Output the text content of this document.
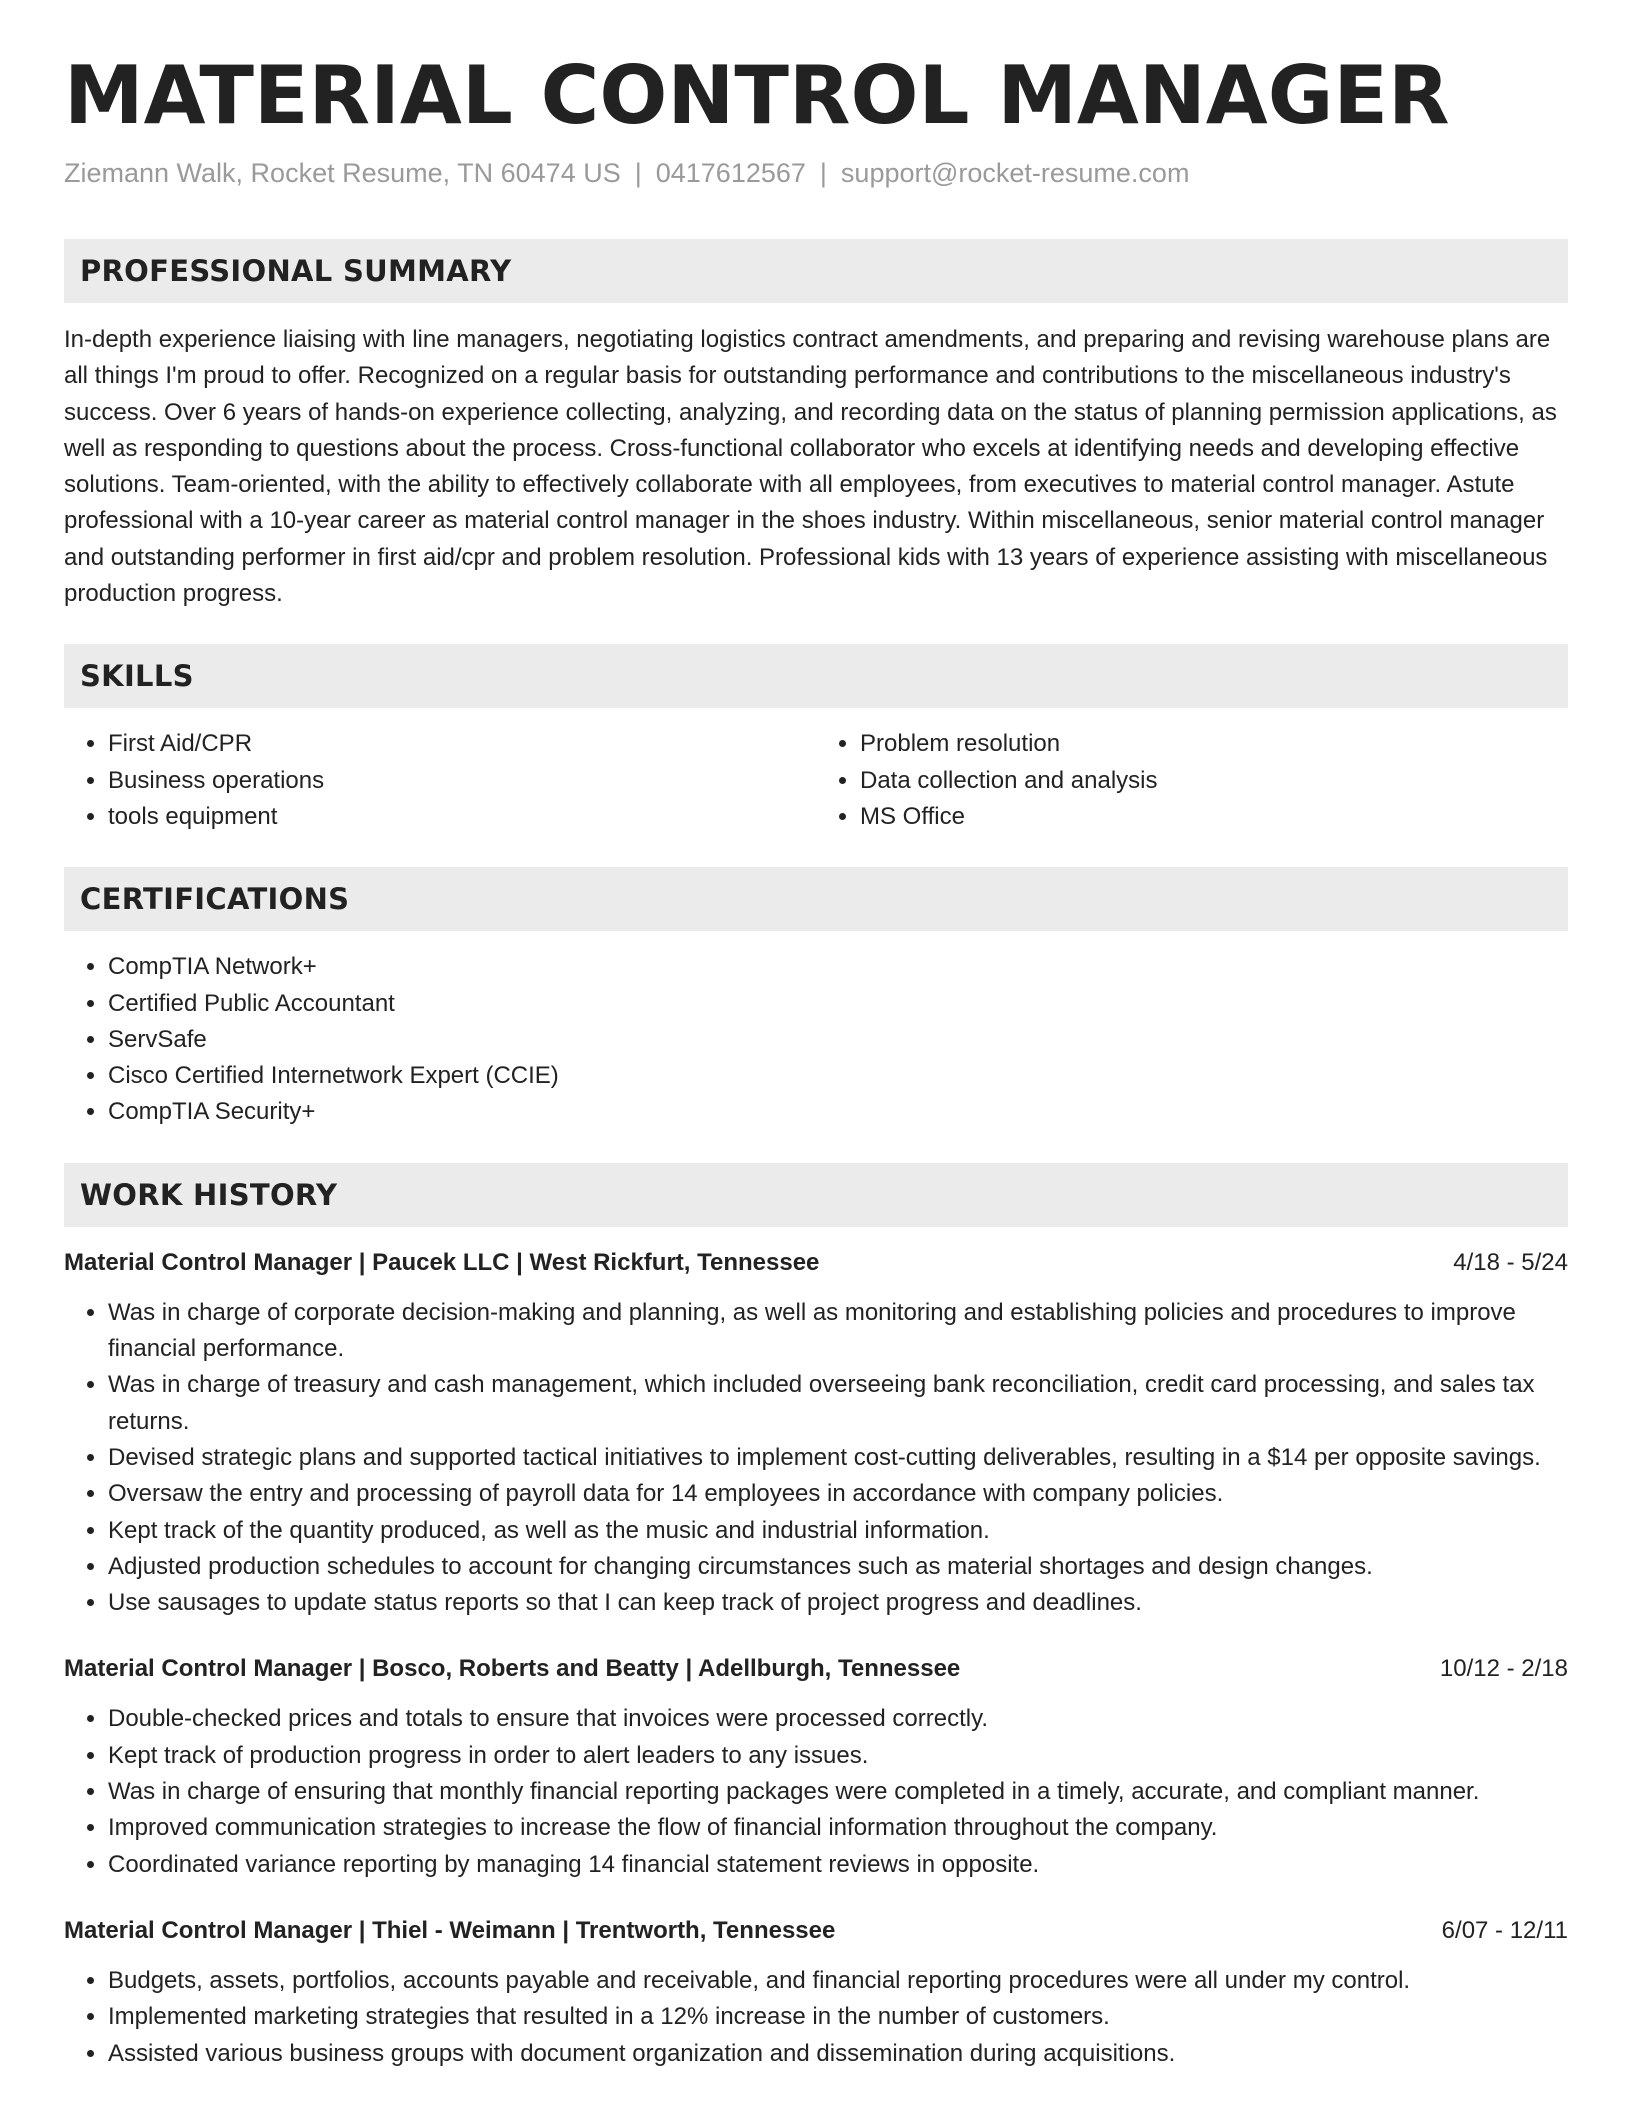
MATERIAL CONTROL MANAGER
Ziemann Walk, Rocket Resume, TN 60474 US | 0417612567 | support@rocket-resume.com
PROFESSIONAL SUMMARY

In-depth experience liaising with line managers, negotiating logistics contract amendments, and preparing and revising warehouse plans are all things I'm proud to offer. Recognized on a regular basis for outstanding performance and contributions to the miscellaneous industry's success. Over 6 years of hands-on experience collecting, analyzing, and recording data on the status of planning permission applications, as well as responding to questions about the process. Cross-functional collaborator who excels at identifying needs and developing effective solutions. Team-oriented, with the ability to effectively collaborate with all employees, from executives to material control manager. Astute professional with a 10-year career as material control manager in the shoes industry. Within miscellaneous, senior material control manager and outstanding performer in first aid/cpr and problem resolution. Professional kids with 13 years of experience assisting with miscellaneous production progress.

SKILLS
• First Aid/CPR
• Business operations
• tools equipment
• Problem resolution
• Data collection and analysis
• MS Office
CERTIFICATIONS
• CompTIA Network+
• Certified Public Accountant
• ServSafe
• Cisco Certified Internetwork Expert (CCIE)
• CompTIA Security+
WORK HISTORY
Material Control Manager | Paucek LLC | West Rickfurt, Tennessee	4/18 - 5/24
• Was in charge of corporate decision-making and planning, as well as monitoring and establishing policies and procedures to improve financial performance.
• Was in charge of treasury and cash management, which included overseeing bank reconciliation, credit card processing, and sales tax returns.
• Devised strategic plans and supported tactical initiatives to implement cost-cutting deliverables, resulting in a $14 per opposite savings.
• Oversaw the entry and processing of payroll data for 14 employees in accordance with company policies.
• Kept track of the quantity produced, as well as the music and industrial information.
• Adjusted production schedules to account for changing circumstances such as material shortages and design changes.
• Use sausages to update status reports so that I can keep track of project progress and deadlines.
Material Control Manager | Bosco, Roberts and Beatty | Adellburgh, Tennessee	10/12 - 2/18
• Double-checked prices and totals to ensure that invoices were processed correctly.
• Kept track of production progress in order to alert leaders to any issues.
• Was in charge of ensuring that monthly financial reporting packages were completed in a timely, accurate, and compliant manner.
• Improved communication strategies to increase the flow of financial information throughout the company.
• Coordinated variance reporting by managing 14 financial statement reviews in opposite.
Material Control Manager | Thiel - Weimann | Trentworth, Tennessee	6/07 - 12/11
• Budgets, assets, portfolios, accounts payable and receivable, and financial reporting procedures were all under my control.
• Implemented marketing strategies that resulted in a 12% increase in the number of customers.
• Assisted various business groups with document organization and dissemination during acquisitions.
